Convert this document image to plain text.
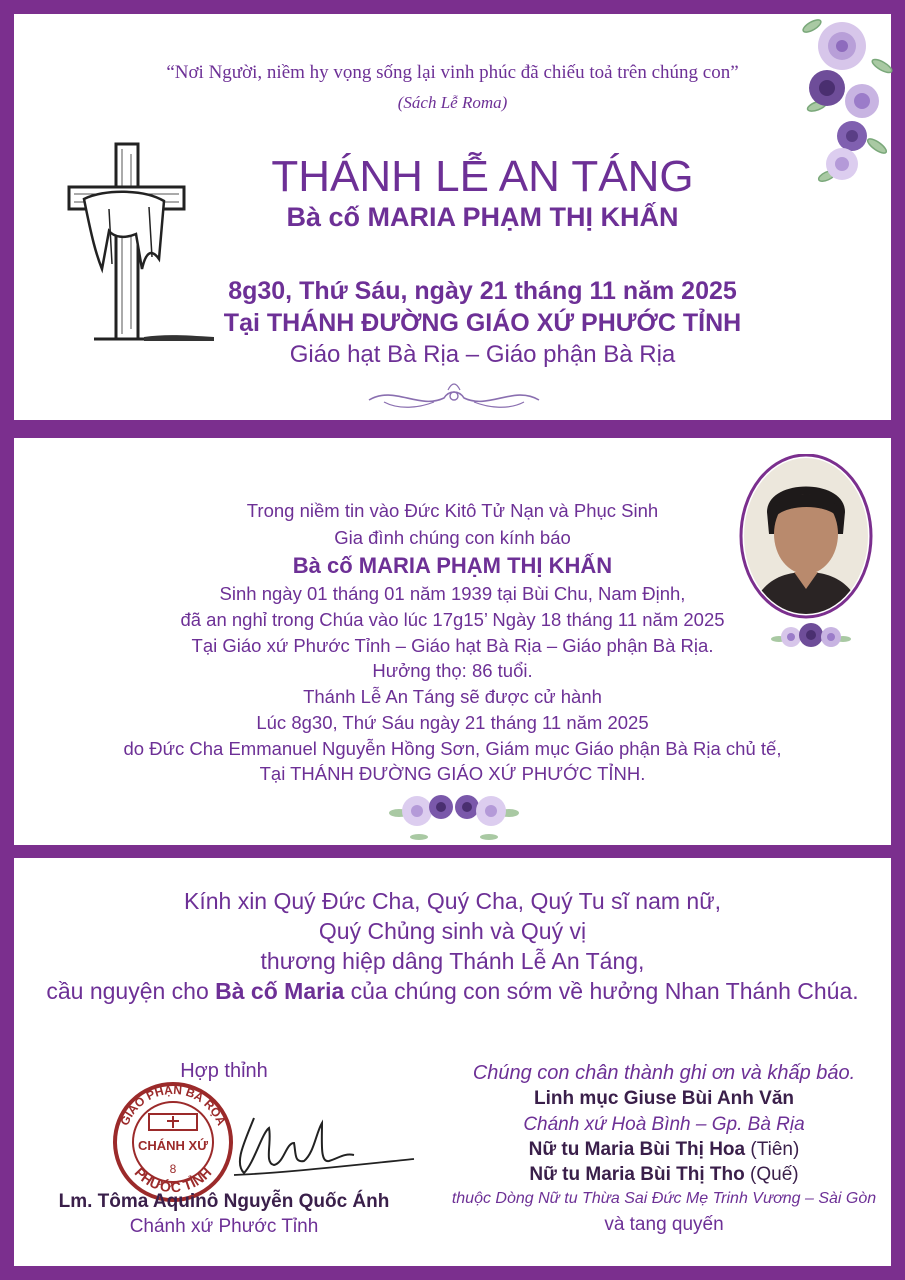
“Nơi Người, niềm hy vọng sống lại vinh phúc đã chiếu toả trên chúng con”
(Sách Lễ Roma)
THÁNH LỄ AN TÁNG
Bà cố MARIA PHẠM THỊ KHẤN
8g30, Thứ Sáu, ngày 21 tháng 11 năm 2025
Tại THÁNH ĐƯỜNG GIÁO XỨ PHƯỚC TỈNH
Giáo hạt Bà Rịa – Giáo phận Bà Rịa
Trong niềm tin vào Đức Kitô Tử Nạn và Phục Sinh
Gia đình chúng con kính báo
Bà cố MARIA PHẠM THỊ KHẤN
Sinh ngày 01 tháng 01 năm 1939 tại Bùi Chu, Nam Định,
đã an nghỉ trong Chúa vào lúc 17g15’ Ngày 18 tháng 11 năm 2025
Tại Giáo xứ Phước Tỉnh – Giáo hạt Bà Rịa – Giáo phận Bà Rịa.
Hưởng thọ: 86 tuổi.
Thánh Lễ An Táng sẽ được cử hành
Lúc 8g30, Thứ Sáu ngày 21 tháng 11 năm 2025
do Đức Cha Emmanuel Nguyễn Hồng Sơn, Giám mục Giáo phận Bà Rịa chủ tế,
Tại THÁNH ĐƯỜNG GIÁO XỨ PHƯỚC TỈNH.
Kính xin Quý Đức Cha, Quý Cha, Quý Tu sĩ nam nữ,
Quý Chủng sinh và Quý vị
thương hiệp dâng Thánh Lễ An Táng,
cầu nguyện cho Bà cố Maria của chúng con sớm về hưởng Nhan Thánh Chúa.
Hợp thỉnh
GIÁO PHẬN BÀ RỌA
PHƯỚC TỈNH
CHÁNH XỨ
8
Lm. Tôma Aquinô Nguyễn Quốc Ánh
Chánh xứ Phước Tỉnh
Chúng con chân thành ghi ơn và khấp báo.
Linh mục Giuse Bùi Anh Văn
Chánh xứ Hoà Bình – Gp. Bà Rịa
Nữ tu Maria Bùi Thị Hoa (Tiên)
Nữ tu Maria Bùi Thị Tho (Quế)
thuộc Dòng Nữ tu Thừa Sai Đức Mẹ Trinh Vương – Sài Gòn
và tang quyến
